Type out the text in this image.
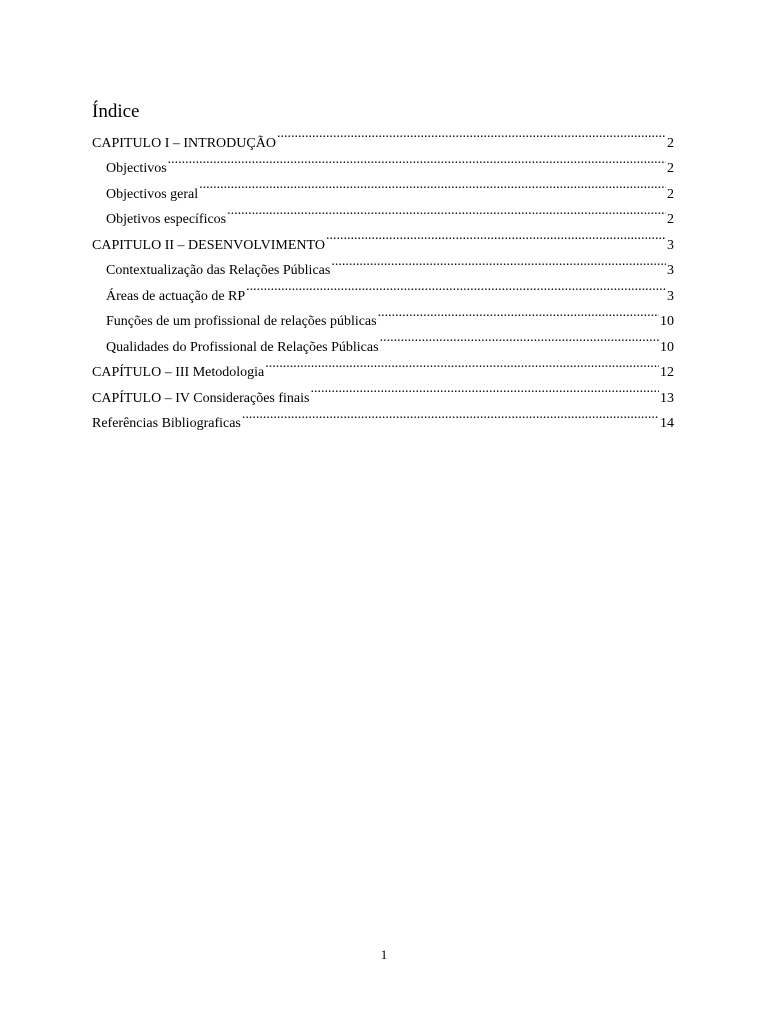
Índice
CAPITULO I – INTRODUÇÃO .....	2
Objectivos .....	2
Objectivos geral .....	2
Objetivos específicos .....	2
CAPITULO II – DESENVOLVIMENTO .....	3
Contextualização das Relações Públicas .....	3
Áreas de actuação de RP .....	3
Funções de um profissional de relações públicas .....	10
Qualidades do Profissional de Relações Públicas .....	10
CAPÍTULO – III Metodologia .....	12
CAPÍTULO – IV Considerações finais .....	13
Referências Bibliograficas .....	14
1
